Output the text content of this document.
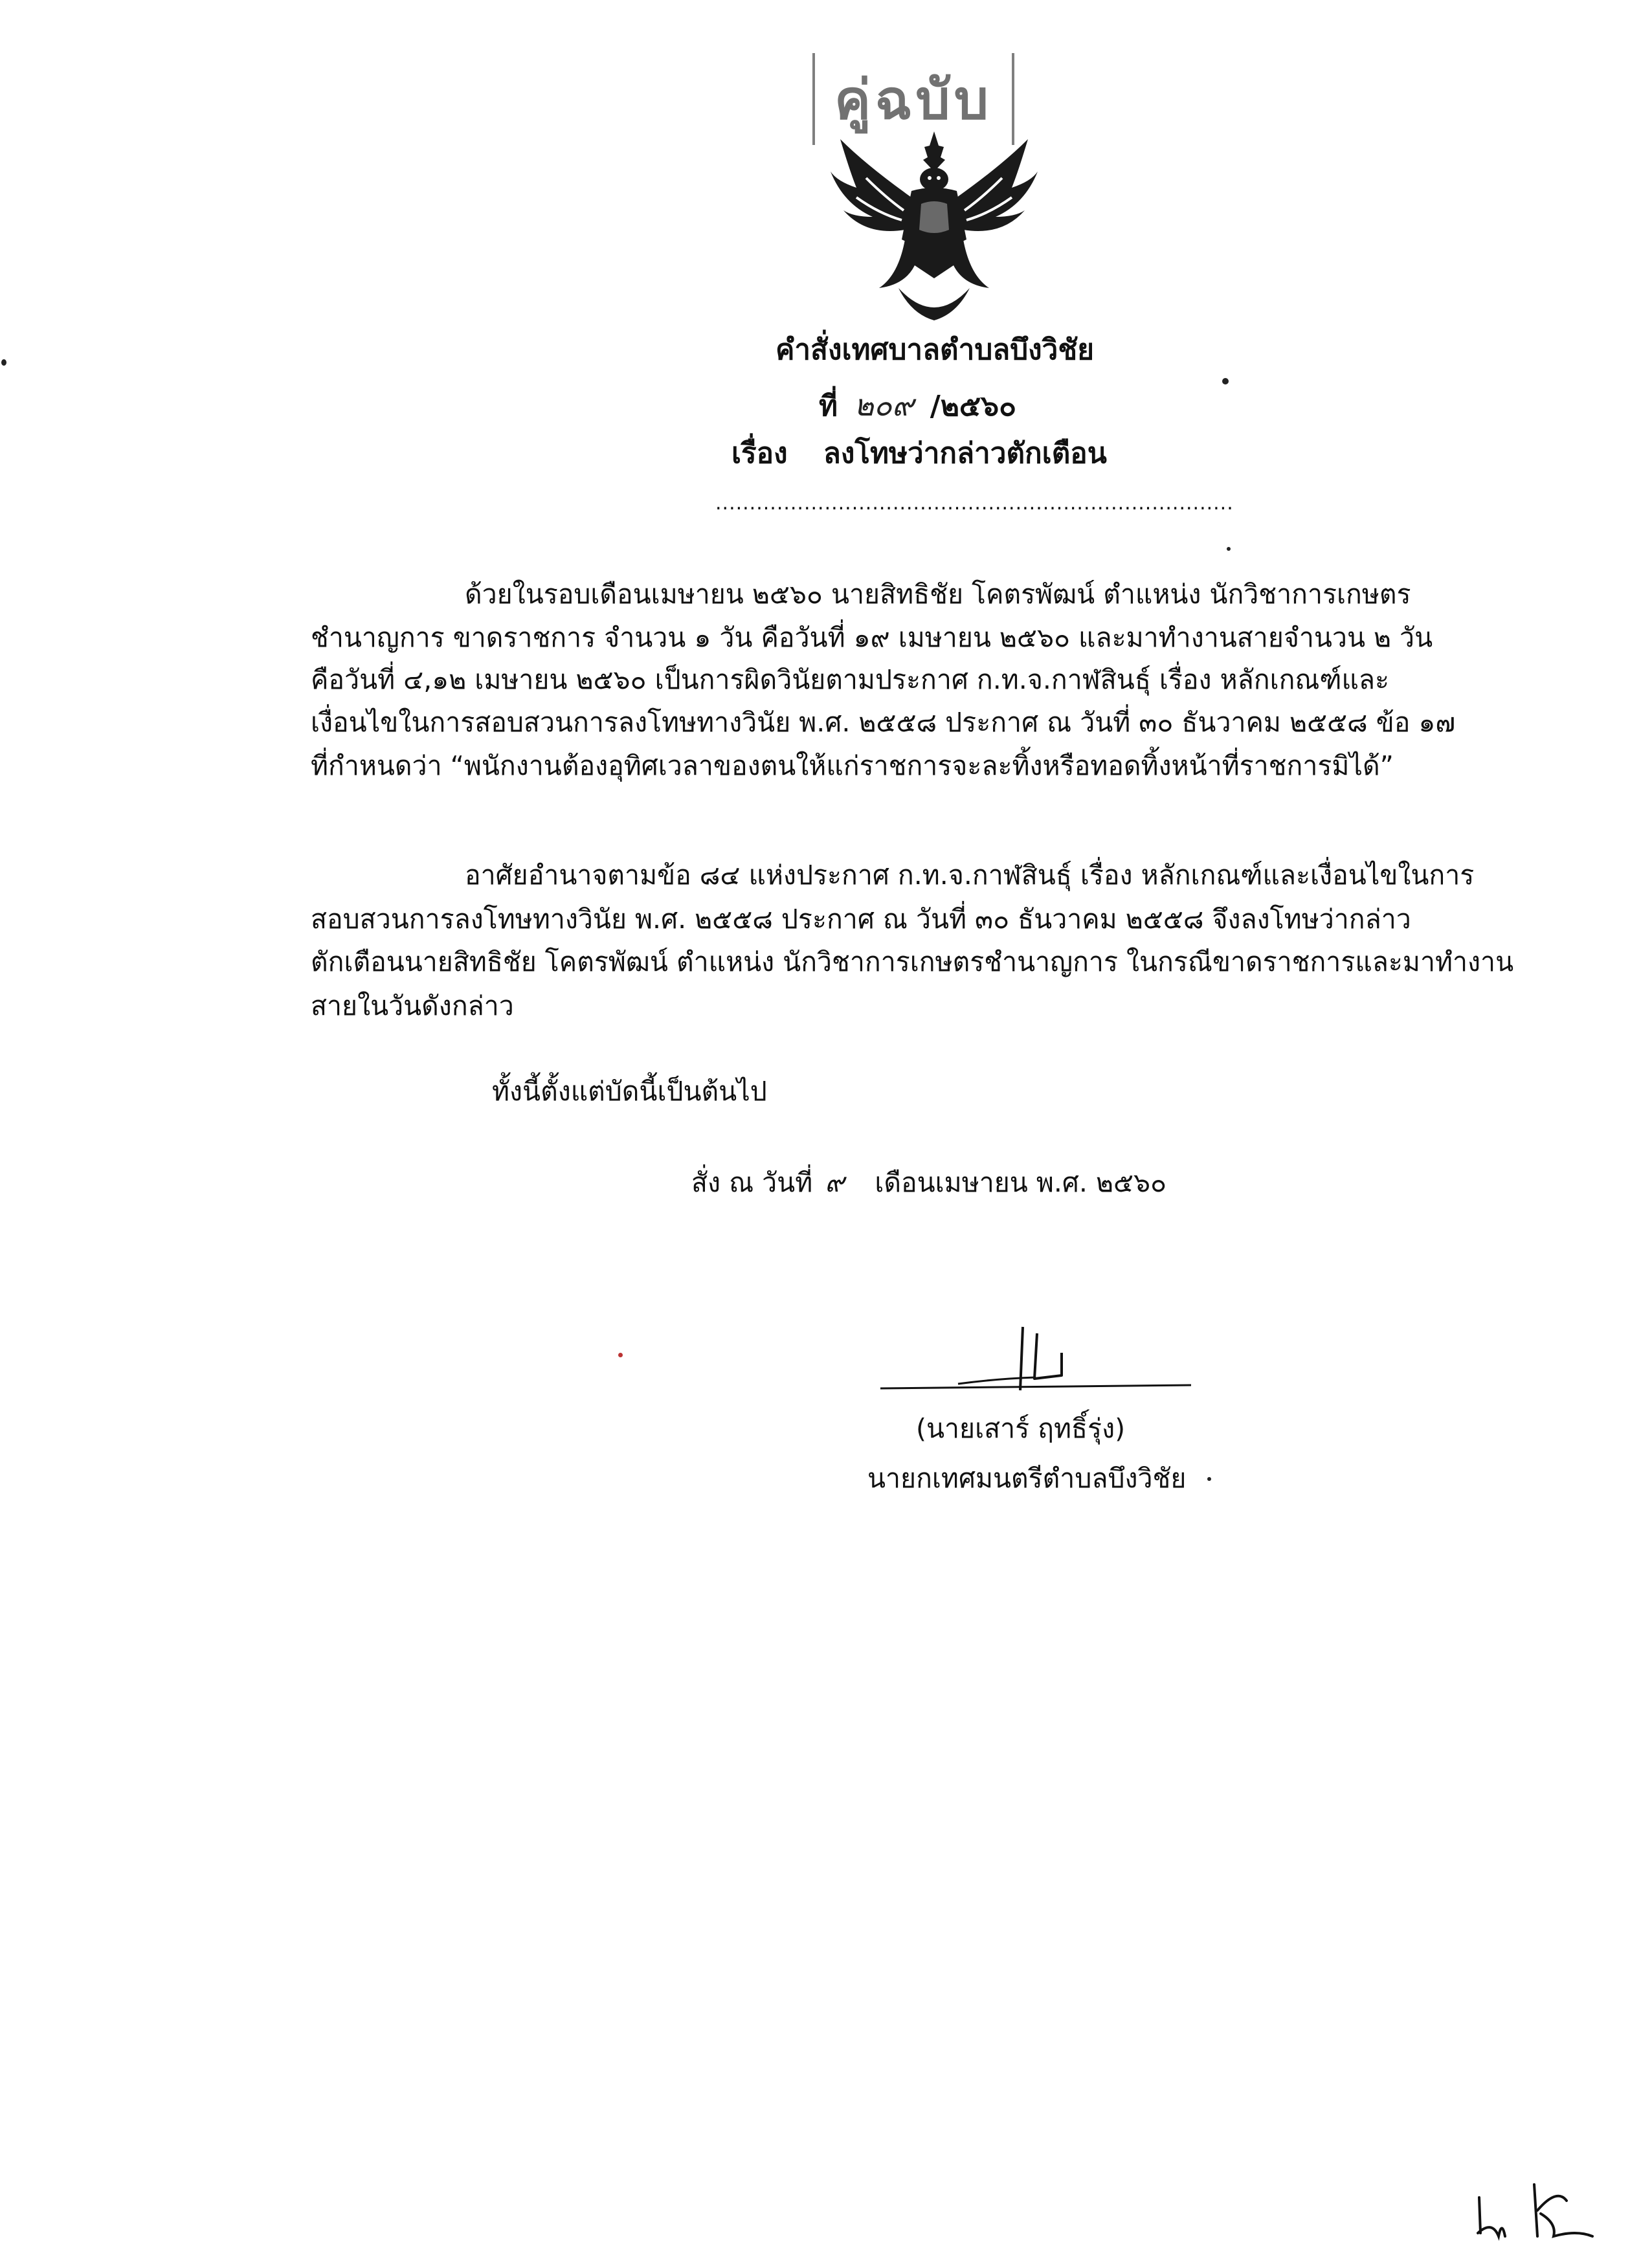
คู่ฉบับ
คำสั่งเทศบาลตำบลบึงวิชัย
ที่ ๒๐๙ /๒๕๖๐
เรื่อง ลงโทษว่ากล่าวตักเตือน
............................................................................
ด้วยในรอบเดือนเมษายน ๒๕๖๐ นายสิทธิชัย โคตรพัฒน์ ตำแหน่ง นักวิชาการเกษตร
ชำนาญการ ขาดราชการ จำนวน ๑ วัน คือวันที่ ๑๙ เมษายน ๒๕๖๐ และมาทำงานสายจำนวน ๒ วัน
คือวันที่ ๔,๑๒ เมษายน ๒๕๖๐ เป็นการผิดวินัยตามประกาศ ก.ท.จ.กาฬสินธุ์ เรื่อง หลักเกณฑ์และ
เงื่อนไขในการสอบสวนการลงโทษทางวินัย พ.ศ. ๒๕๕๘ ประกาศ ณ วันที่ ๓๐ ธันวาคม ๒๕๕๘ ข้อ ๑๗
ที่กำหนดว่า “พนักงานต้องอุทิศเวลาของตนให้แก่ราชการจะละทิ้งหรือทอดทิ้งหน้าที่ราชการมิได้”
อาศัยอำนาจตามข้อ ๘๔ แห่งประกาศ ก.ท.จ.กาฬสินธุ์ เรื่อง หลักเกณฑ์และเงื่อนไขในการ
สอบสวนการลงโทษทางวินัย พ.ศ. ๒๕๕๘ ประกาศ ณ วันที่ ๓๐ ธันวาคม ๒๕๕๘ จึงลงโทษว่ากล่าว
ตักเตือนนายสิทธิชัย โคตรพัฒน์ ตำแหน่ง นักวิชาการเกษตรชำนาญการ ในกรณีขาดราชการและมาทำงาน
สายในวันดังกล่าว
ทั้งนี้ตั้งแต่บัดนี้เป็นต้นไป
สั่ง ณ วันที่ ๙ เดือนเมษายน พ.ศ. ๒๕๖๐
(นายเสาร์ ฤทธิ์รุ่ง)
นายกเทศมนตรีตำบลบึงวิชัย
